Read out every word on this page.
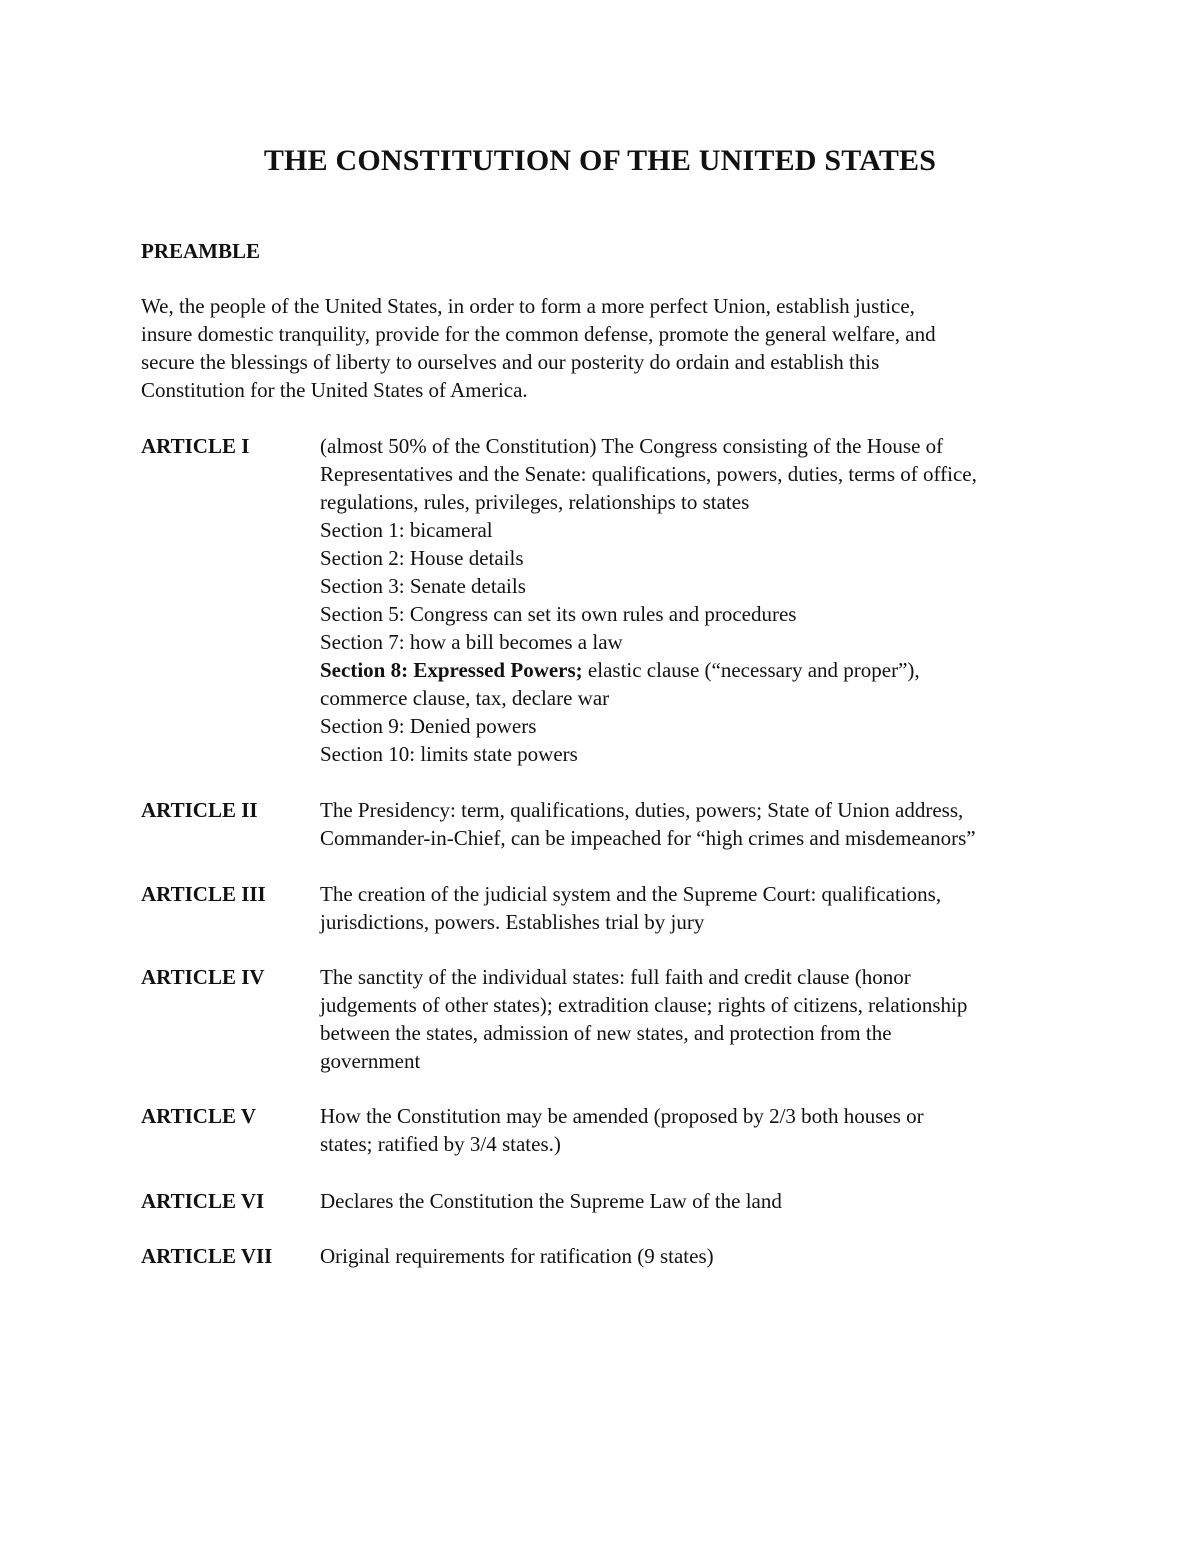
THE CONSTITUTION OF THE UNITED STATES
PREAMBLE
We, the people of the United States, in order to form a more perfect Union, establish justice,
insure domestic tranquility, provide for the common defense, promote the general welfare, and
secure the blessings of liberty to ourselves and our posterity do ordain and establish this
Constitution for the United States of America.
ARTICLE I	(almost 50% of the Constitution) The Congress consisting of the House of
Representatives and the Senate: qualifications, powers, duties, terms of office,
regulations, rules, privileges, relationships to states
Section 1: bicameral
Section 2: House details
Section 3: Senate details
Section 5: Congress can set its own rules and procedures
Section 7: how a bill becomes a law
Section 8: Expressed Powers; elastic clause (“necessary and proper”),
commerce clause, tax, declare war
Section 9: Denied powers
Section 10: limits state powers
ARTICLE II	The Presidency: term, qualifications, duties, powers; State of Union address,
Commander-in-Chief, can be impeached for “high crimes and misdemeanors”
ARTICLE III	The creation of the judicial system and the Supreme Court: qualifications,
jurisdictions, powers. Establishes trial by jury
ARTICLE IV	The sanctity of the individual states: full faith and credit clause (honor
judgements of other states); extradition clause; rights of citizens, relationship
between the states, admission of new states, and protection from the
government
ARTICLE V	How the Constitution may be amended (proposed by 2/3 both houses or
states; ratified by 3/4 states.)
ARTICLE VI	Declares the Constitution the Supreme Law of the land
ARTICLE VII Original requirements for ratification (9 states)
